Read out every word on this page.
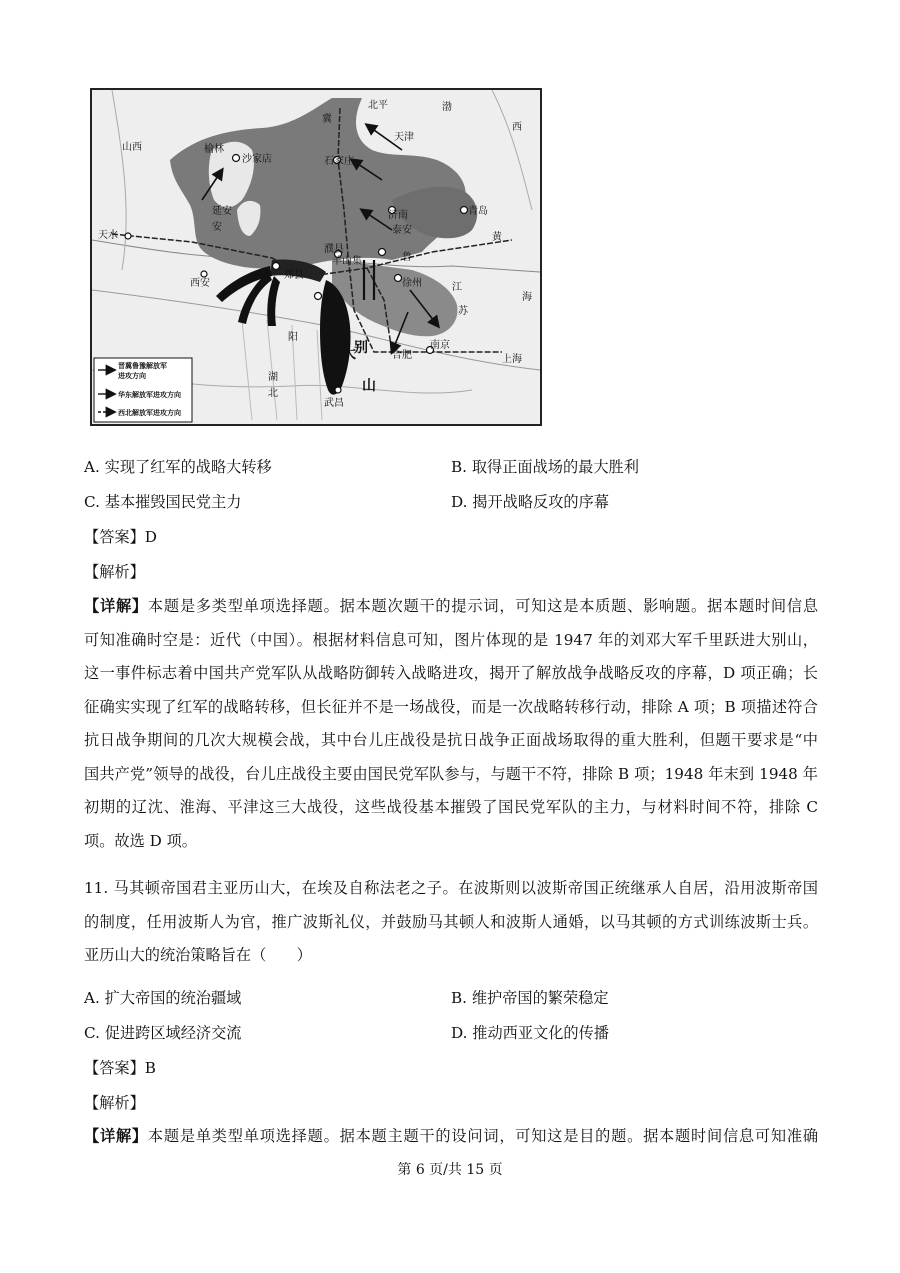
北平
天津
榆林
沙家店	石家庄
延安	济南	青岛
泰安
濮县
羊山集
郑县
天水
西安	徐州
大
别
山
合肥
南京
上海
武昌
冀
鲁
山西
渤
黄
江
苏
湖
北
阳
西
海
安
晋冀鲁豫解放军
进攻方向
华东解放军进攻方向
西北解放军进攻方向
A. 实现了红军的战略大转移	B. 取得正面战场的最大胜利
C. 基本摧毁国民党主力	D. 揭开战略反攻的序幕
【答案】D
【解析】
【详解】本题是多类型单项选择题。据本题次题干的提示词，可知这是本质题、影响题。据本题时间信息
可知准确时空是：近代（中国）。根据材料信息可知，图片体现的是 1947 年的刘邓大军千里跃进大别山，
这一事件标志着中国共产党军队从战略防御转入战略进攻，揭开了解放战争战略反攻的序幕，D 项正确；长
征确实实现了红军的战略转移，但长征并不是一场战役，而是一次战略转移行动，排除 A 项；B 项描述符合
抗日战争期间的几次大规模会战，其中台儿庄战役是抗日战争正面战场取得的重大胜利，但题干要求是“中
国共产党”领导的战役，台儿庄战役主要由国民党军队参与，与题干不符，排除 B 项；1948 年末到 1948 年
初期的辽沈、淮海、平津这三大战役，这些战役基本摧毁了国民党军队的主力，与材料时间不符，排除 C
项。故选 D 项。
11. 马其顿帝国君主亚历山大，在埃及自称法老之子。在波斯则以波斯帝国正统继承人自居，沿用波斯帝国
的制度，任用波斯人为官，推广波斯礼仪，并鼓励马其顿人和波斯人通婚，以马其顿的方式训练波斯士兵。
亚历山大的统治策略旨在（　　）
A. 扩大帝国的统治疆域	B. 维护帝国的繁荣稳定
C. 促进跨区域经济交流	D. 推动西亚文化的传播
【答案】B
【解析】
【详解】本题是单类型单项选择题。据本题主题干的设问词，可知这是目的题。据本题时间信息可知准确
第 6 页/共 15 页
